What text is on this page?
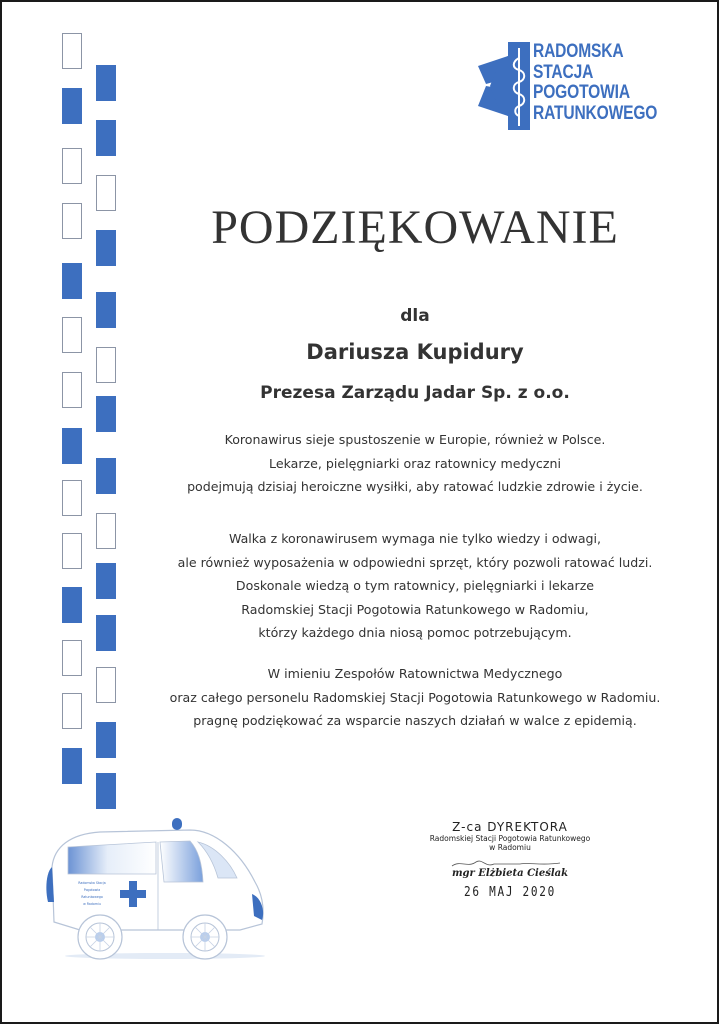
RADOMSKA
STACJA
POGOTOWIA
RATUNKOWEGO
PODZIĘKOWANIE
dla
Dariusza Kupidury
Prezesa Zarządu Jadar Sp. z o.o.
Koronawirus sieje spustoszenie w Europie, również w Polsce.
Lekarze, pielęgniarki oraz ratownicy medyczni
podejmują dzisiaj heroiczne wysiłki, aby ratować ludzkie zdrowie i życie.
Walka z koronawirusem wymaga nie tylko wiedzy i odwagi,
ale również wyposażenia w odpowiedni sprzęt, który pozwoli ratować ludzi.
Doskonale wiedzą o tym ratownicy, pielęgniarki i lekarze
Radomskiej Stacji Pogotowia Ratunkowego w Radomiu,
którzy każdego dnia niosą pomoc potrzebującym.
W imieniu Zespołów Ratownictwa Medycznego
oraz całego personelu Radomskiej Stacji Pogotowia Ratunkowego w Radomiu.
pragnę podziękować za wsparcie naszych działań w walce z epidemią.
Z-ca DYREKTORA
Radomskiej Stacji Pogotowia Ratunkowego
w Radomiu
mgr Elżbieta Cieślak
26 MAJ 2020
Radomska Stacja
Pogotowia
Ratunkowego
w Radomiu
